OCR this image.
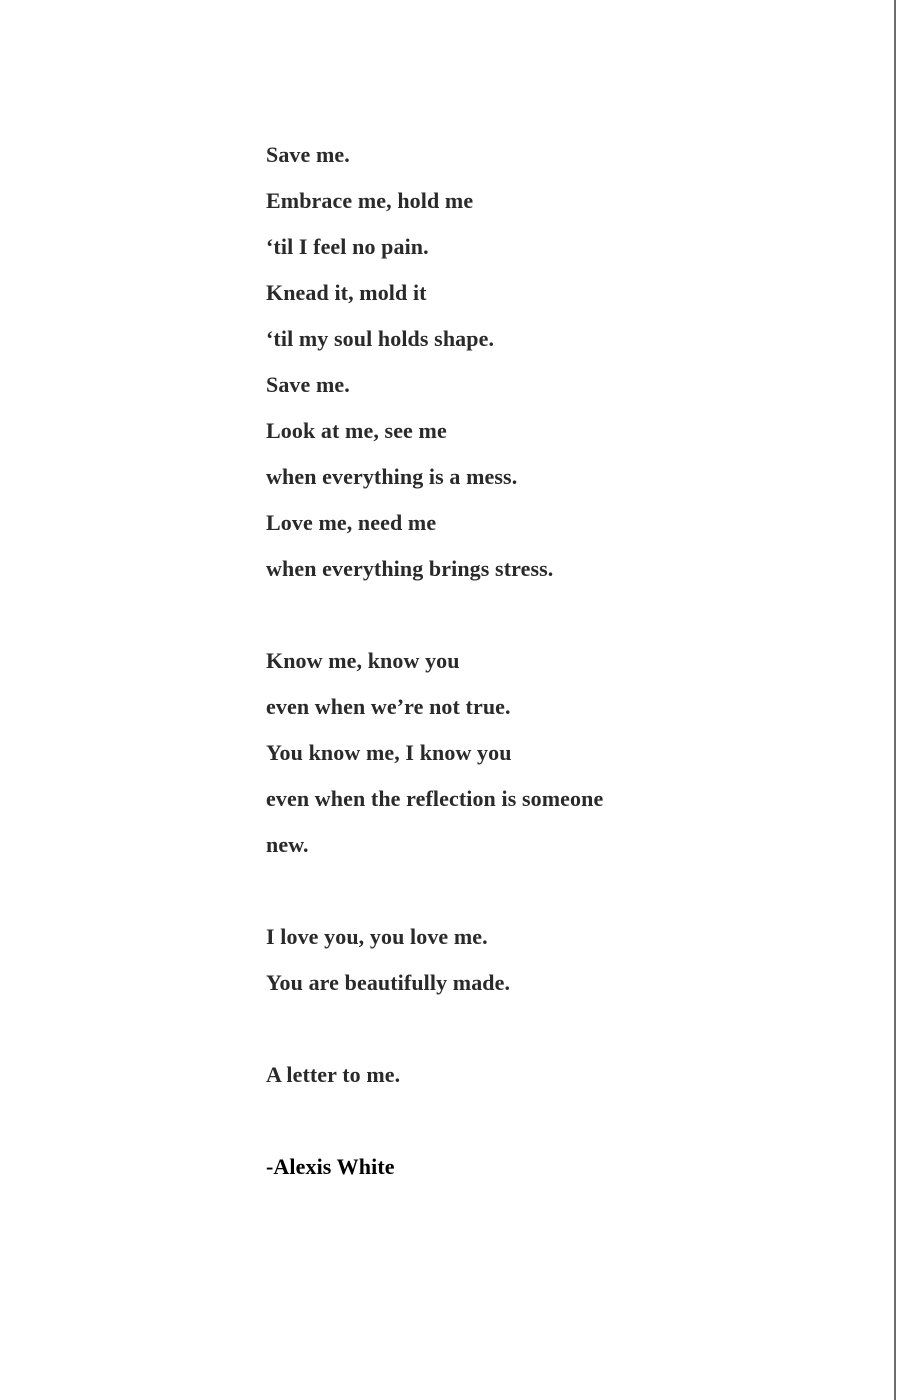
Save me.
Embrace me, hold me
‘til I feel no pain.
Knead it, mold it
‘til my soul holds shape.
Save me.
Look at me, see me
when everything is a mess.
Love me, need me
when everything brings stress.
Know me, know you
even when we’re not true.
You know me, I know you
even when the reflection is someone
new.
I love you, you love me.
You are beautifully made.
A letter to me.
-Alexis White
